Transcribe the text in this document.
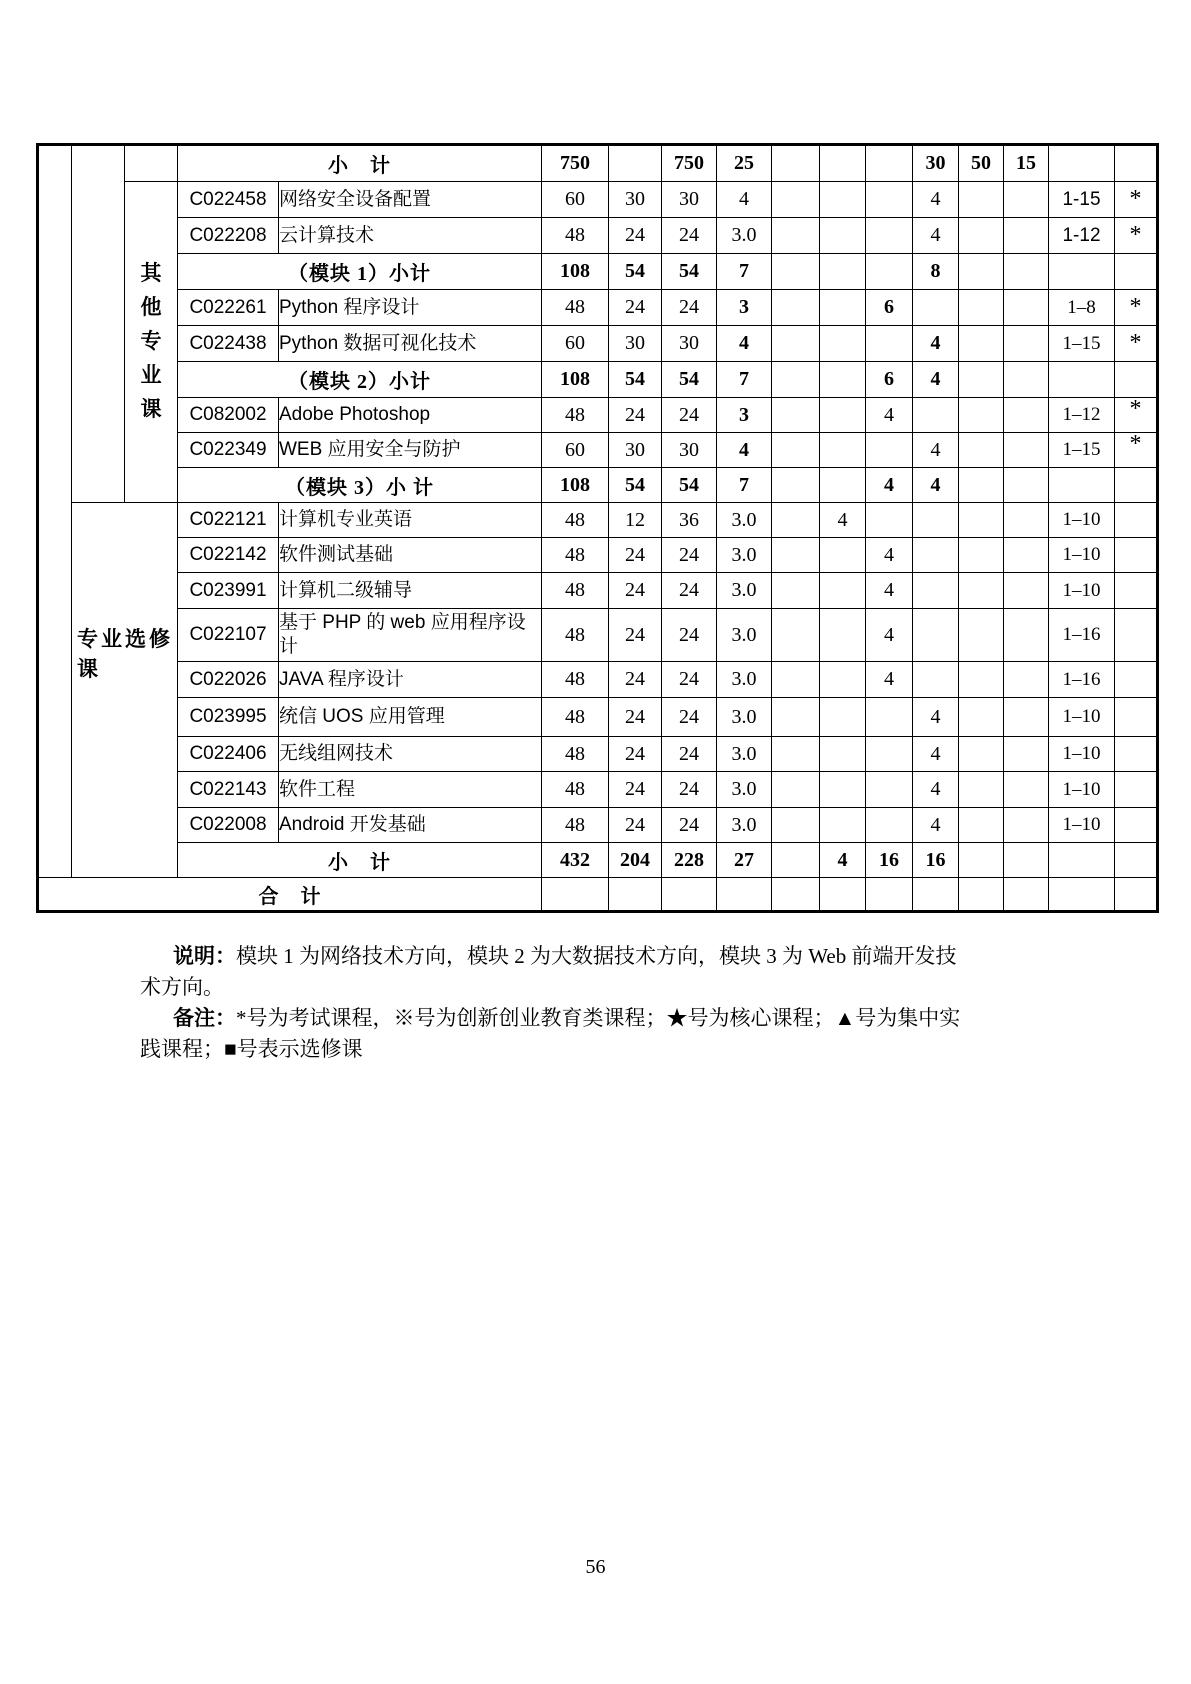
			小　计		750		750	25				30	50	15		

		其他专业课	C022458	网络安全设备配置	60	30	30	4				4			1-15	*
			C022208	云计算技术	48	24	24	3.0				4			1-12	*
			（模块 1）小计		108	54	54	7				8				
			C022261	Python 程序设计	48	24	24	3			6				1–8	*
			C022438	Python 数据可视化技术	60	30	30	4				4			1–15	*
			（模块 2）小计		108	54	54	7			6	4				
			C082002	Adobe Photoshop	48	24	24	3			4				1–12	*
			C022349	WEB 应用安全与防护	60	30	30	4				4			1–15	*
			（模块 3）小 计		108	54	54	7			4	4				

	专业选修课		C022121	计算机专业英语	48	12	36	3.0		4					1–10	
			C022142	软件测试基础	48	24	24	3.0			4				1–10	
			C023991	计算机二级辅导	48	24	24	3.0			4				1–10	
			C022107	基于 PHP 的 web 应用程序设计	48	24	24	3.0			4				1–16	
			C022026	JAVA 程序设计	48	24	24	3.0			4				1–16	
			C023995	统信 UOS 应用管理	48	24	24	3.0				4			1–10	
			C022406	无线组网技术	48	24	24	3.0				4			1–10	
			C022143	软件工程	48	24	24	3.0				4			1–10	
			C022008	Android 开发基础	48	24	24	3.0				4			1–10	
			小　计		432	204	228	27		4	16	16				
合　计																
说明：模块 1 为网络技术方向，模块 2 为大数据技术方向，模块 3 为 Web 前端开发技
术方向。
备注：*号为考试课程，※号为创新创业教育类课程；★号为核心课程；▲号为集中实
践课程；■号表示选修课
56
